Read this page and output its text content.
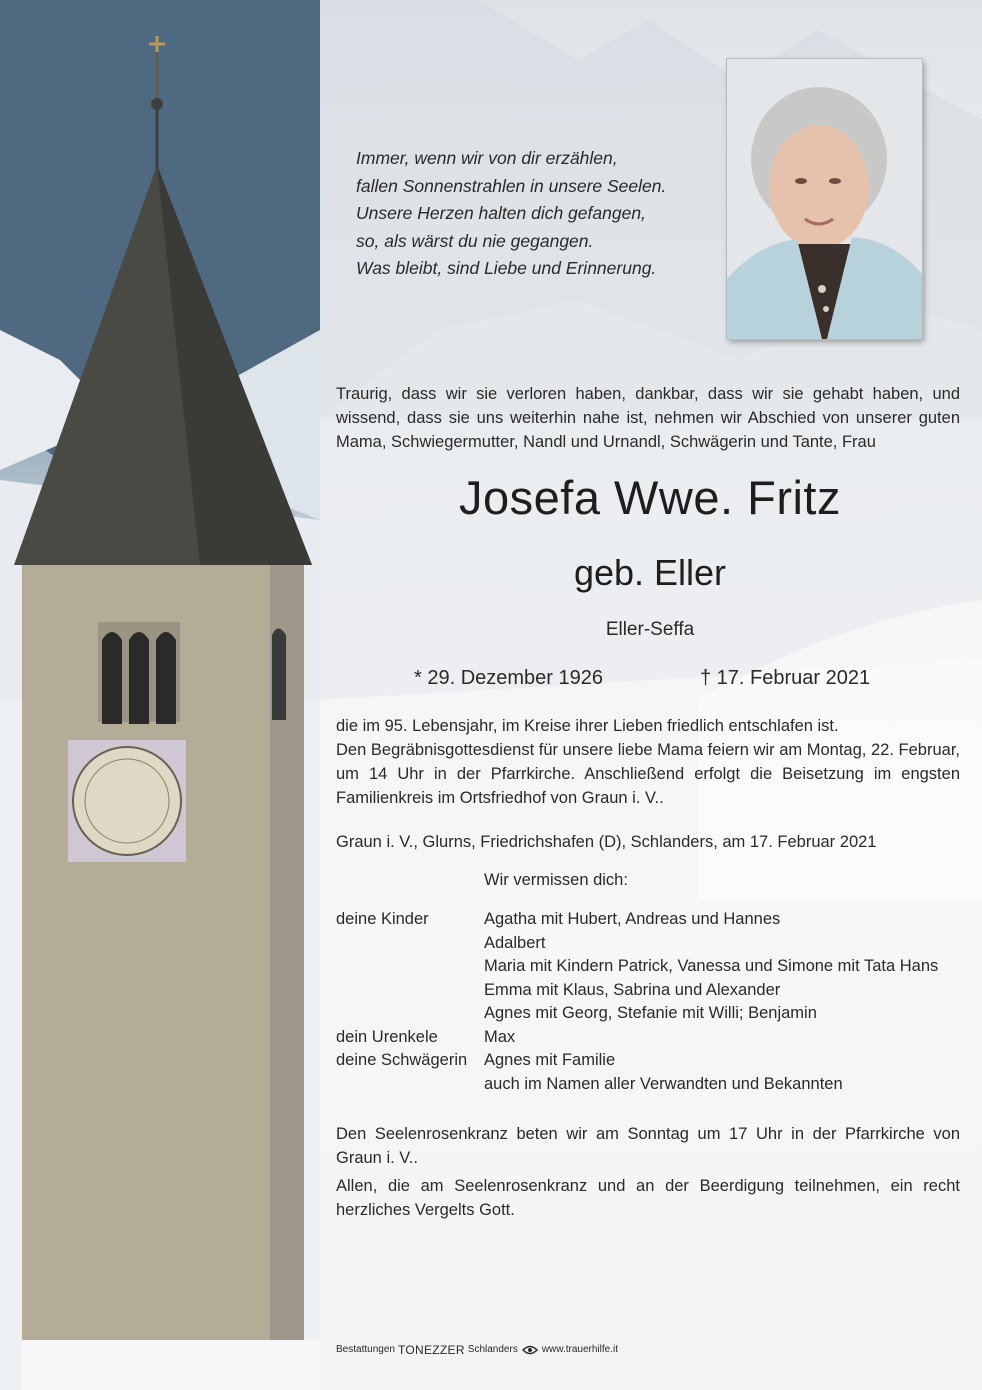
Immer, wenn wir von dir erzählen,
fallen Sonnenstrahlen in unsere Seelen.
Unsere Herzen halten dich gefangen,
so, als wärst du nie gegangen.
Was bleibt, sind Liebe und Erinnerung.
Traurig, dass wir sie verloren haben, dankbar, dass wir sie gehabt haben, und wissend, dass sie uns weiterhin nahe ist, nehmen wir Abschied von unserer guten Mama, Schwiegermutter, Nandl und Urnandl, Schwägerin und Tante, Frau
Josefa Wwe. Fritz
geb. Eller
Eller-Seffa
* 29. Dezember 1926	† 17. Februar 2021
die im 95. Lebensjahr, im Kreise ihrer Lieben friedlich entschlafen ist.
Den Begräbnisgottesdienst für unsere liebe Mama feiern wir am Montag, 22. Februar, um 14 Uhr in der Pfarrkirche. Anschließend erfolgt die Beisetzung im engsten Familienkreis im Ortsfriedhof von Graun i. V..
Graun i. V., Glurns, Friedrichshafen (D), Schlanders, am 17. Februar 2021
Wir vermissen dich:
deine Kinder	Agatha mit Hubert, Andreas und Hannes
Adalbert
Maria mit Kindern Patrick, Vanessa und Simone mit Tata Hans
Emma mit Klaus, Sabrina und Alexander
Agnes mit Georg, Stefanie mit Willi; Benjamin
dein Urenkele	Max
deine Schwägerin	Agnes mit Familie
auch im Namen aller Verwandten und Bekannten
Den Seelenrosenkranz beten wir am Sonntag um 17 Uhr in der Pfarrkirche von Graun i. V..
Allen, die am Seelenrosenkranz und an der Beerdigung teilnehmen, ein recht herzliches Vergelts Gott.
Bestattungen TONEZZER Schlanders www.trauerhilfe.it
